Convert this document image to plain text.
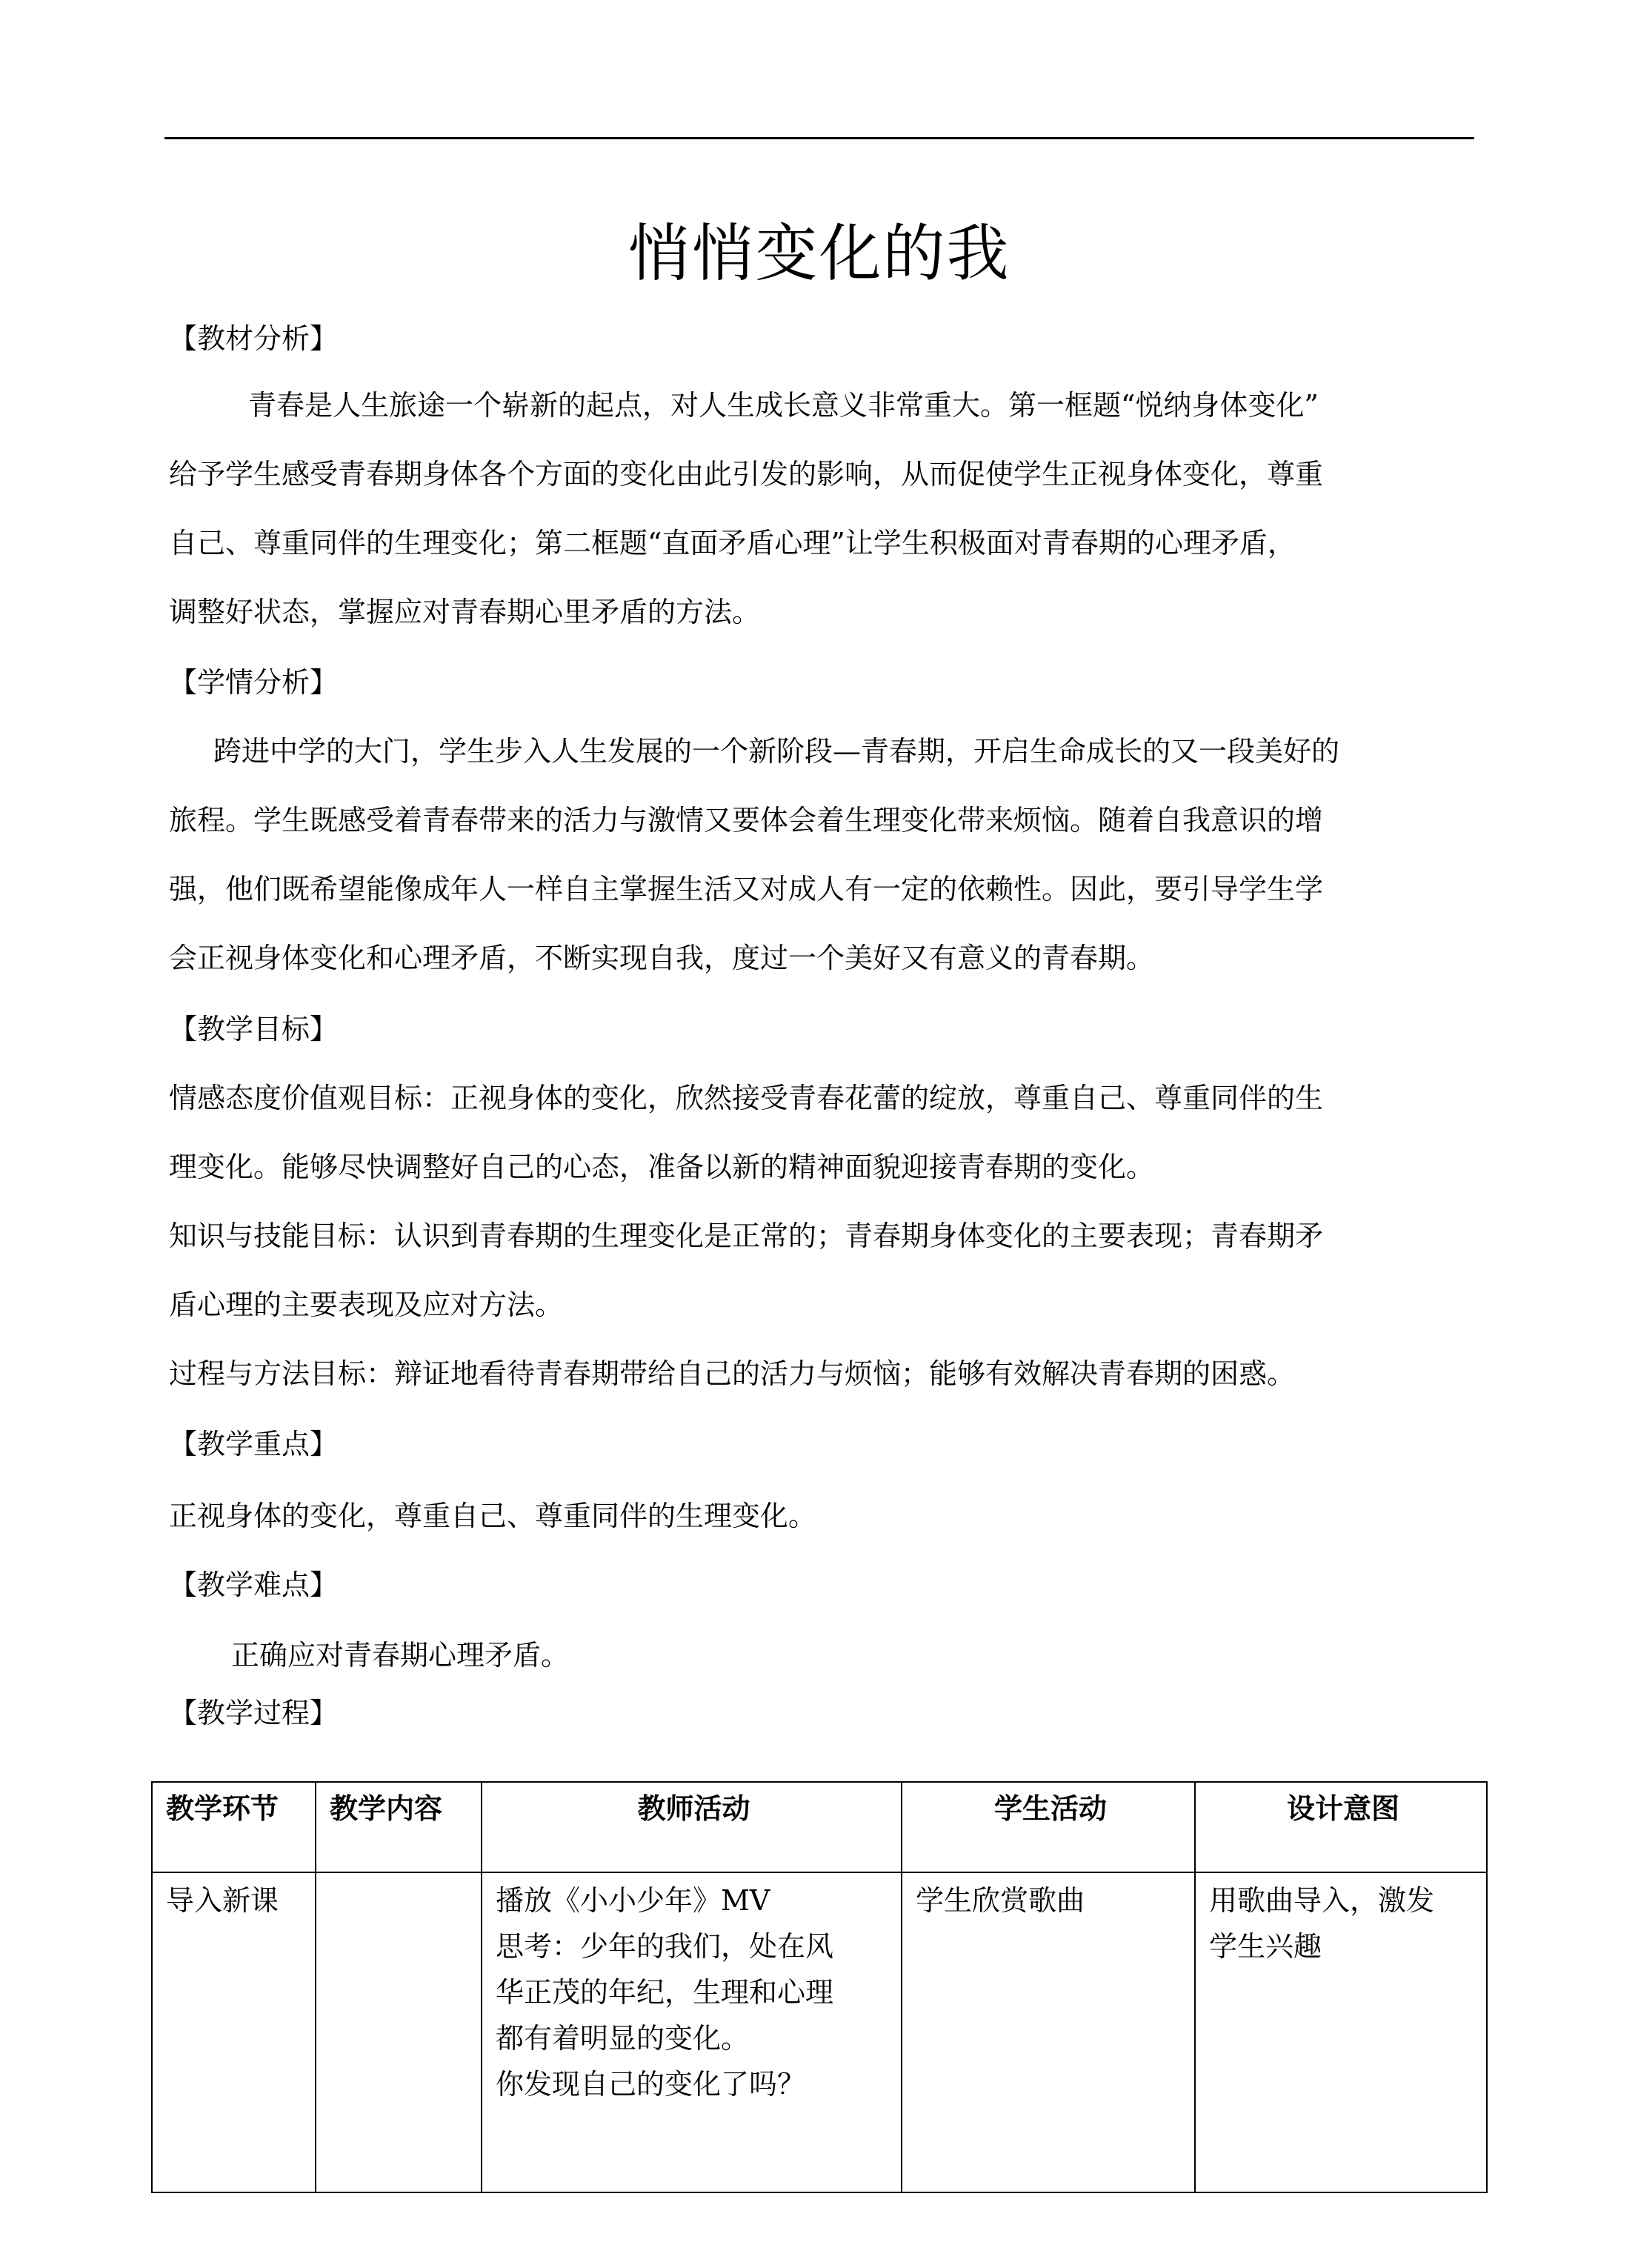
悄悄变化的我
【教材分析】
青春是人生旅途一个崭新的起点，对人生成长意义非常重大。第一框题“悦纳身体变化”
给予学生感受青春期身体各个方面的变化由此引发的影响，从而促使学生正视身体变化，尊重
自己、尊重同伴的生理变化；第二框题“直面矛盾心理”让学生积极面对青春期的心理矛盾，
调整好状态，掌握应对青春期心里矛盾的方法。
【学情分析】
跨进中学的大门，学生步入人生发展的一个新阶段—青春期，开启生命成长的又一段美好的
旅程。学生既感受着青春带来的活力与激情又要体会着生理变化带来烦恼。随着自我意识的增
强，他们既希望能像成年人一样自主掌握生活又对成人有一定的依赖性。因此，要引导学生学
会正视身体变化和心理矛盾，不断实现自我，度过一个美好又有意义的青春期。
【教学目标】
情感态度价值观目标：正视身体的变化，欣然接受青春花蕾的绽放，尊重自己、尊重同伴的生
理变化。能够尽快调整好自己的心态，准备以新的精神面貌迎接青春期的变化。
知识与技能目标：认识到青春期的生理变化是正常的；青春期身体变化的主要表现；青春期矛
盾心理的主要表现及应对方法。
过程与方法目标：辩证地看待青春期带给自己的活力与烦恼；能够有效解决青春期的困惑。
【教学重点】
正视身体的变化，尊重自己、尊重同伴的生理变化。
【教学难点】
正确应对青春期心理矛盾。
【教学过程】
教学环节	教学内容	教师活动	学生活动	设计意图

导入新课		播放《小小少年》MV
思考：少年的我们，处在风
华正茂的年纪，生理和心理
都有着明显的变化。
你发现自己的变化了吗？	学生欣赏歌曲	用歌曲导入，激发
学生兴趣
